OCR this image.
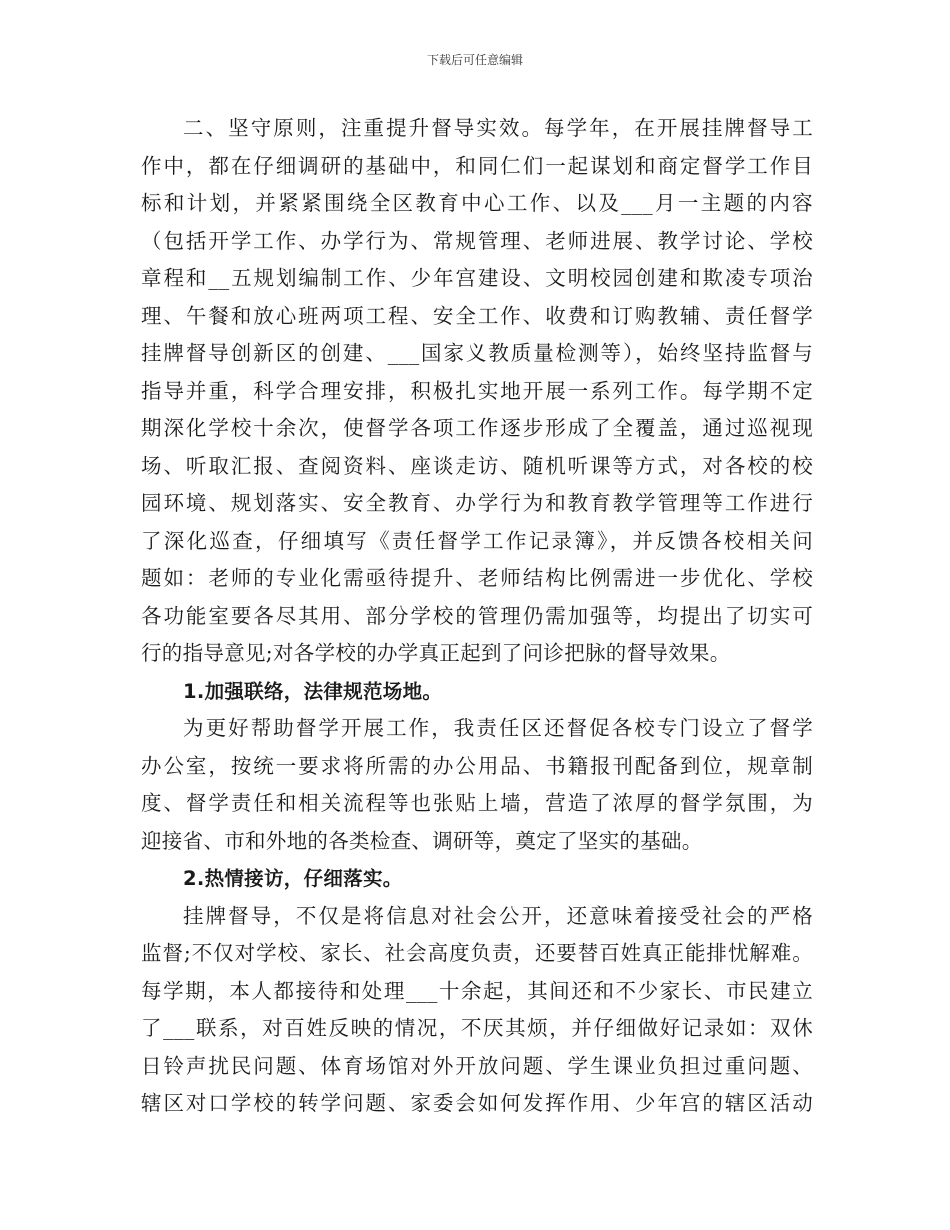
下载后可任意编辑
二、坚守原则，注重提升督导实效。每学年，在开展挂牌督导工
作中，都在仔细调研的基础中，和同仁们一起谋划和商定督学工作目
标和计划，并紧紧围绕全区教育中心工作、以及___月一主题的内容
（包括开学工作、办学行为、常规管理、老师进展、教学讨论、学校
章程和__五规划编制工作、少年宫建设、文明校园创建和欺凌专项治
理、午餐和放心班两项工程、安全工作、收费和订购教辅、责任督学
挂牌督导创新区的创建、___国家义教质量检测等），始终坚持监督与
指导并重，科学合理安排，积极扎实地开展一系列工作。每学期不定
期深化学校十余次，使督学各项工作逐步形成了全覆盖，通过巡视现
场、听取汇报、查阅资料、座谈走访、随机听课等方式，对各校的校
园环境、规划落实、安全教育、办学行为和教育教学管理等工作进行
了深化巡查，仔细填写《责任督学工作记录簿》，并反馈各校相关问
题如：老师的专业化需亟待提升、老师结构比例需进一步优化、学校
各功能室要各尽其用、部分学校的管理仍需加强等，均提出了切实可
行的指导意见;对各学校的办学真正起到了问诊把脉的督导效果。
1.加强联络，法律规范场地。
为更好帮助督学开展工作，我责任区还督促各校专门设立了督学
办公室，按统一要求将所需的办公用品、书籍报刊配备到位，规章制
度、督学责任和相关流程等也张贴上墙，营造了浓厚的督学氛围，为
迎接省、市和外地的各类检查、调研等，奠定了坚实的基础。
2.热情接访，仔细落实。
挂牌督导，不仅是将信息对社会公开，还意味着接受社会的严格
监督;不仅对学校、家长、社会高度负责，还要替百姓真正能排忧解难。
每学期，本人都接待和处理___十余起，其间还和不少家长、市民建立
了___联系，对百姓反映的情况，不厌其烦，并仔细做好记录如：双休
日铃声扰民问题、体育场馆对外开放问题、学生课业负担过重问题、
辖区对口学校的转学问题、家委会如何发挥作用、少年宫的辖区活动
